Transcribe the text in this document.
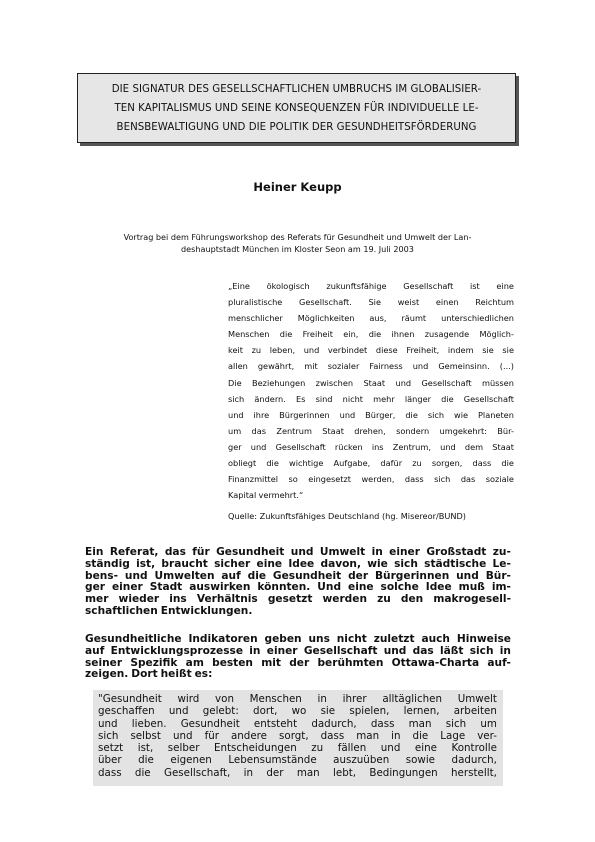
DIE SIGNATUR DES GESELLSCHAFTLICHEN UMBRUCHS IM GLOBALISIER-
TEN KAPITALISMUS UND SEINE KONSEQUENZEN FÜR INDIVIDUELLE LE-
BENSBEWALTIGUNG UND DIE POLITIK DER GESUNDHEITSFÖRDERUNG
Heiner Keupp
Vortrag bei dem Führungsworkshop des Referats für Gesundheit und Umwelt der Lan-
deshauptstadt München im Kloster Seon am 19. Juli 2003
„Eine ökologisch zukunftsfähige Gesellschaft ist eine
pluralistische Gesellschaft. Sie weist einen Reichtum
menschlicher Möglichkeiten aus, räumt unterschiedlichen
Menschen die Freiheit ein, die ihnen zusagende Möglich-
keit zu leben, und verbindet diese Freiheit, indem sie sie
allen gewährt, mit sozialer Fairness und Gemeinsinn. (...)
Die Beziehungen zwischen Staat und Gesellschaft müssen
sich ändern. Es sind nicht mehr länger die Gesellschaft
und ihre Bürgerinnen und Bürger, die sich wie Planeten
um das Zentrum Staat drehen, sondern umgekehrt: Bür-
ger und Gesellschaft rücken ins Zentrum, und dem Staat
obliegt die wichtige Aufgabe, dafür zu sorgen, dass die
Finanzmittel so eingesetzt werden, dass sich das soziale
Kapital vermehrt.“
Quelle: Zukunftsfähiges Deutschland (hg. Misereor/BUND)
Ein Referat, das für Gesundheit und Umwelt in einer Großstadt zu-
ständig ist, braucht sicher eine Idee davon, wie sich städtische Le-
bens- und Umwelten auf die Gesundheit der Bürgerinnen und Bür-
ger einer Stadt auswirken könnten. Und eine solche Idee muß im-
mer wieder ins Verhältnis gesetzt werden zu den makrogesell-
schaftlichen Entwicklungen.
Gesundheitliche Indikatoren geben uns nicht zuletzt auch Hinweise
auf Entwicklungsprozesse in einer Gesellschaft und das läßt sich in
seiner Spezifik am besten mit der berühmten Ottawa-Charta auf-
zeigen. Dort heißt es:
"Gesundheit wird von Menschen in ihrer alltäglichen Umwelt
geschaffen und gelebt: dort, wo sie spielen, lernen, arbeiten
und lieben. Gesundheit entsteht dadurch, dass man sich um
sich selbst und für andere sorgt, dass man in die Lage ver-
setzt ist, selber Entscheidungen zu fällen und eine Kontrolle
über die eigenen Lebensumstände auszuüben sowie dadurch,
dass die Gesellschaft, in der man lebt, Bedingungen herstellt,
